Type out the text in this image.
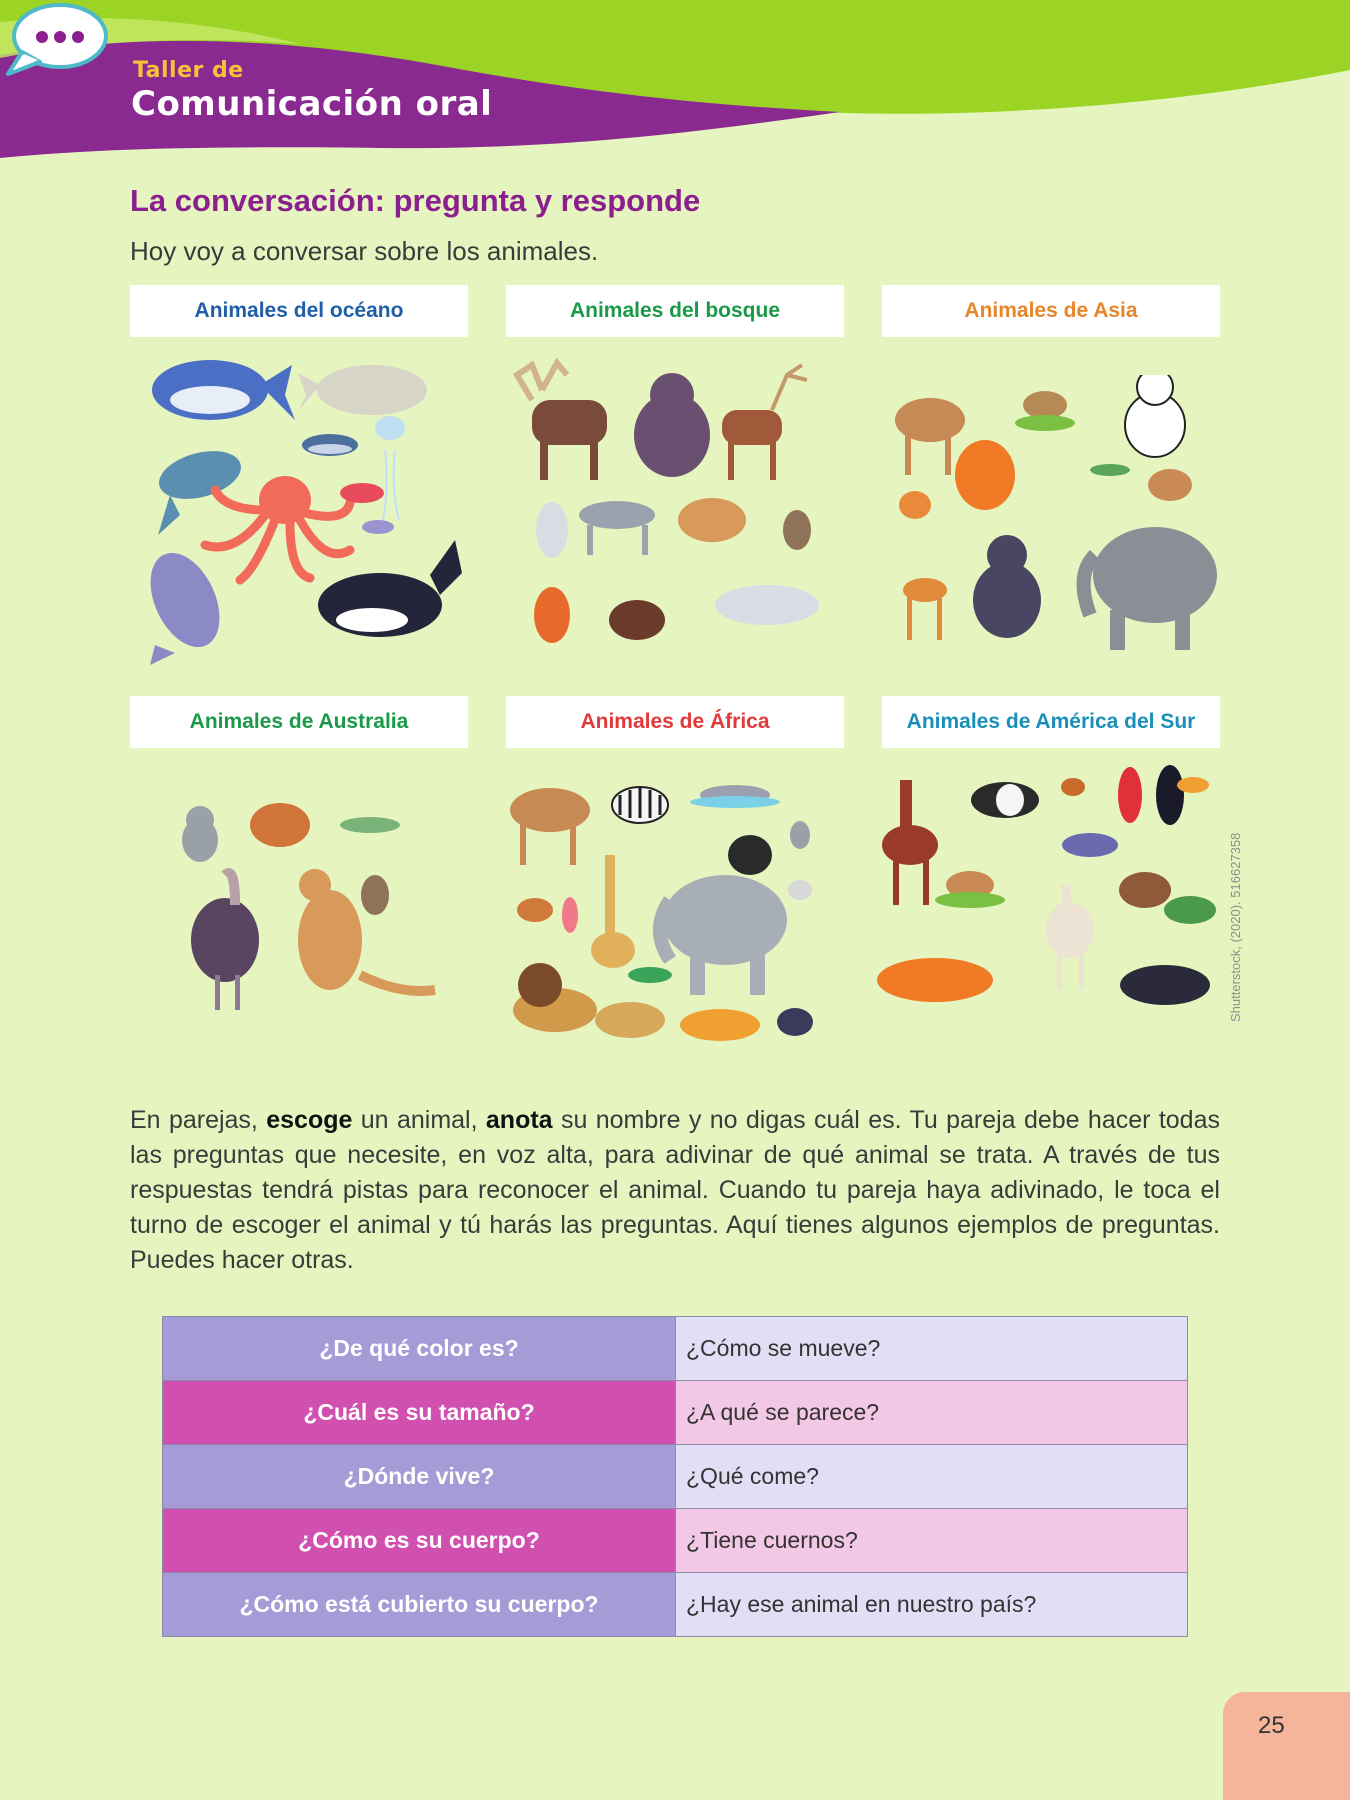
Taller de
Comunicación oral
La conversación: pregunta y responde
Hoy voy a conversar sobre los animales.
Animales del océano	Animales del bosque	Animales de Asia
Animales de Australia	Animales de África	Animales de América del Sur
Shutterstock, (2020). 516627358
En parejas, escoge un animal, anota su nombre y no digas cuál es. Tu pareja debe hacer todas las preguntas que necesite, en voz alta, para adivinar de qué animal se trata. A través de tus respuestas tendrá pistas para reconocer el animal. Cuando tu pareja haya adivinado, le toca el turno de escoger el animal y tú harás las preguntas. Aquí tienes algunos ejemplos de preguntas. Puedes hacer otras.
¿De qué color es?	¿Cómo se mueve?
¿Cuál es su tamaño?	¿A qué se parece?
¿Dónde vive?	¿Qué come?
¿Cómo es su cuerpo?	¿Tiene cuernos?
¿Cómo está cubierto su cuerpo?	¿Hay ese animal en nuestro país?
25
